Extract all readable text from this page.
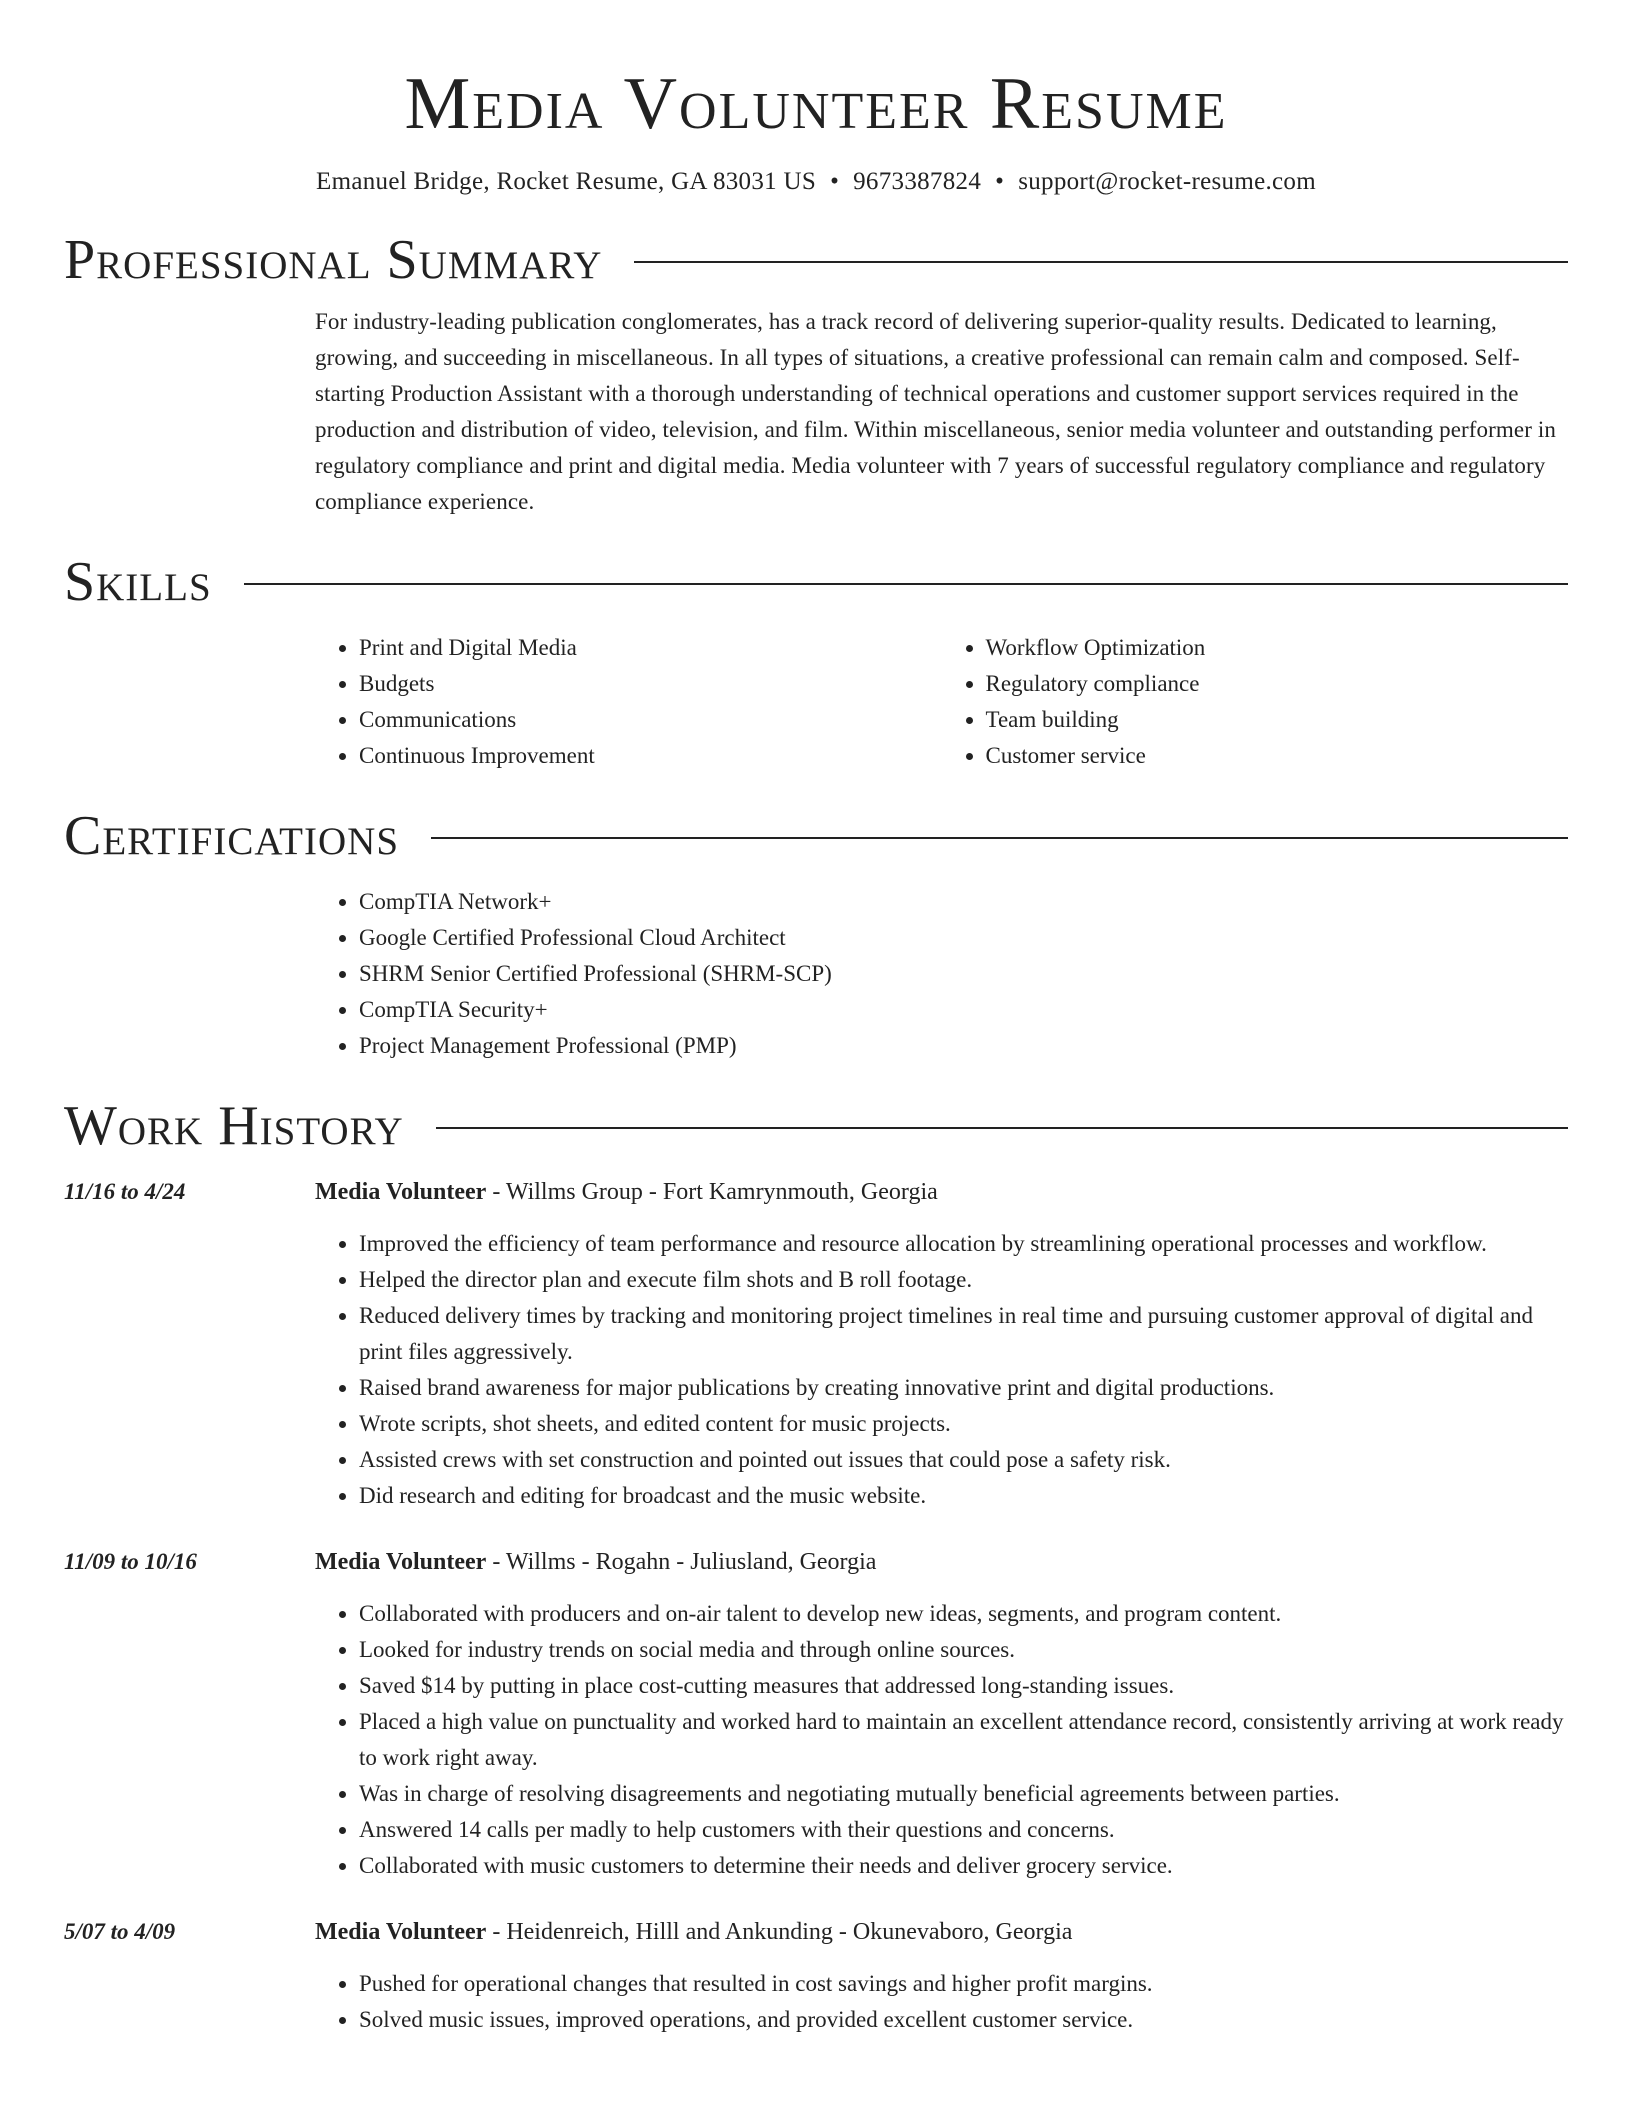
Media Volunteer Resume
Emanuel Bridge, Rocket Resume, GA 83031 US • 9673387824 • support@rocket-resume.com
Professional Summary
For industry-leading publication conglomerates, has a track record of delivering superior-quality results. Dedicated to learning, growing, and succeeding in miscellaneous. In all types of situations, a creative professional can remain calm and composed. Self-starting Production Assistant with a thorough understanding of technical operations and customer support services required in the production and distribution of video, television, and film. Within miscellaneous, senior media volunteer and outstanding performer in regulatory compliance and print and digital media. Media volunteer with 7 years of successful regulatory compliance and regulatory compliance experience.
Skills
• Print and Digital Media
• Budgets
• Communications
• Continuous Improvement
• Workflow Optimization
• Regulatory compliance
• Team building
• Customer service
Certifications
• CompTIA Network+
• Google Certified Professional Cloud Architect
• SHRM Senior Certified Professional (SHRM-SCP)
• CompTIA Security+
• Project Management Professional (PMP)
Work History
11/16 to 4/24	Media Volunteer - Willms Group - Fort Kamrynmouth, Georgia
• Improved the efficiency of team performance and resource allocation by streamlining operational processes and workflow.
• Helped the director plan and execute film shots and B roll footage.
• Reduced delivery times by tracking and monitoring project timelines in real time and pursuing customer approval of digital and print files aggressively.
• Raised brand awareness for major publications by creating innovative print and digital productions.
• Wrote scripts, shot sheets, and edited content for music projects.
• Assisted crews with set construction and pointed out issues that could pose a safety risk.
• Did research and editing for broadcast and the music website.
11/09 to 10/16	Media Volunteer - Willms - Rogahn - Juliusland, Georgia
• Collaborated with producers and on-air talent to develop new ideas, segments, and program content.
• Looked for industry trends on social media and through online sources.
• Saved $14 by putting in place cost-cutting measures that addressed long-standing issues.
• Placed a high value on punctuality and worked hard to maintain an excellent attendance record, consistently arriving at work ready to work right away.
• Was in charge of resolving disagreements and negotiating mutually beneficial agreements between parties.
• Answered 14 calls per madly to help customers with their questions and concerns.
• Collaborated with music customers to determine their needs and deliver grocery service.
5/07 to 4/09	Media Volunteer - Heidenreich, Hilll and Ankunding - Okunevaboro, Georgia
• Pushed for operational changes that resulted in cost savings and higher profit margins.
• Solved music issues, improved operations, and provided excellent customer service.
